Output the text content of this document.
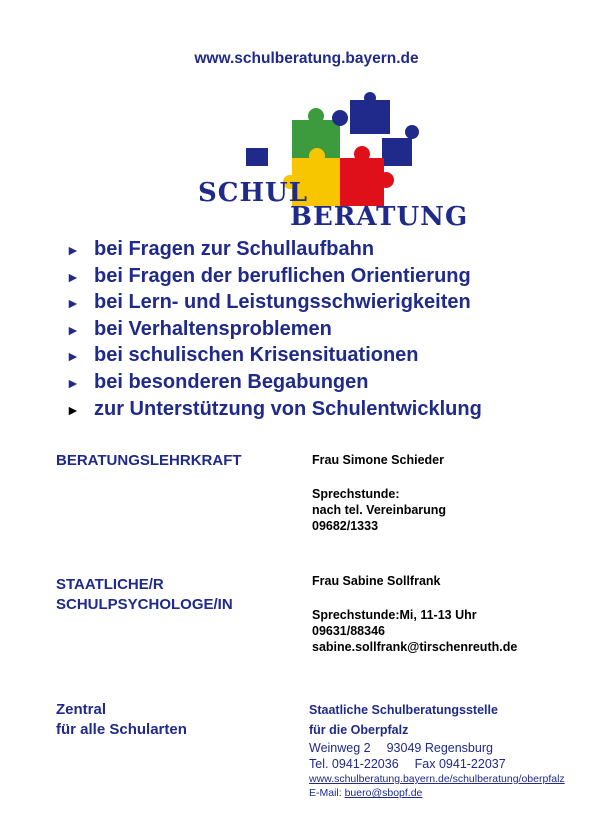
www.schulberatung.bayern.de
SCHUL
BERATUNG
► bei Fragen zur Schullaufbahn
► bei Fragen der beruflichen Orientierung
► bei Lern- und Leistungsschwierigkeiten
► bei Verhaltensproblemen
► bei schulischen Krisensituationen
► bei besonderen Begabungen
► zur Unterstützung von Schulentwicklung
BERATUNGSLEHRKRAFT	Frau Simone Schieder
Sprechstunde:
nach tel. Vereinbarung
09682/1333
STAATLICHE/R
SCHULPSYCHOLOGE/IN
Frau Sabine Sollfrank
Sprechstunde:Mi, 11-13 Uhr
09631/88346
sabine.sollfrank@tirschenreuth.de
Zentral
für alle Schularten
Staatliche Schulberatungsstelle
für die Oberpfalz
Weinweg 2 93049 Regensburg
Tel. 0941-22036 Fax 0941-22037
www.schulberatung.bayern.de/schulberatung/oberpfalz
E-Mail: buero@sbopf.de
